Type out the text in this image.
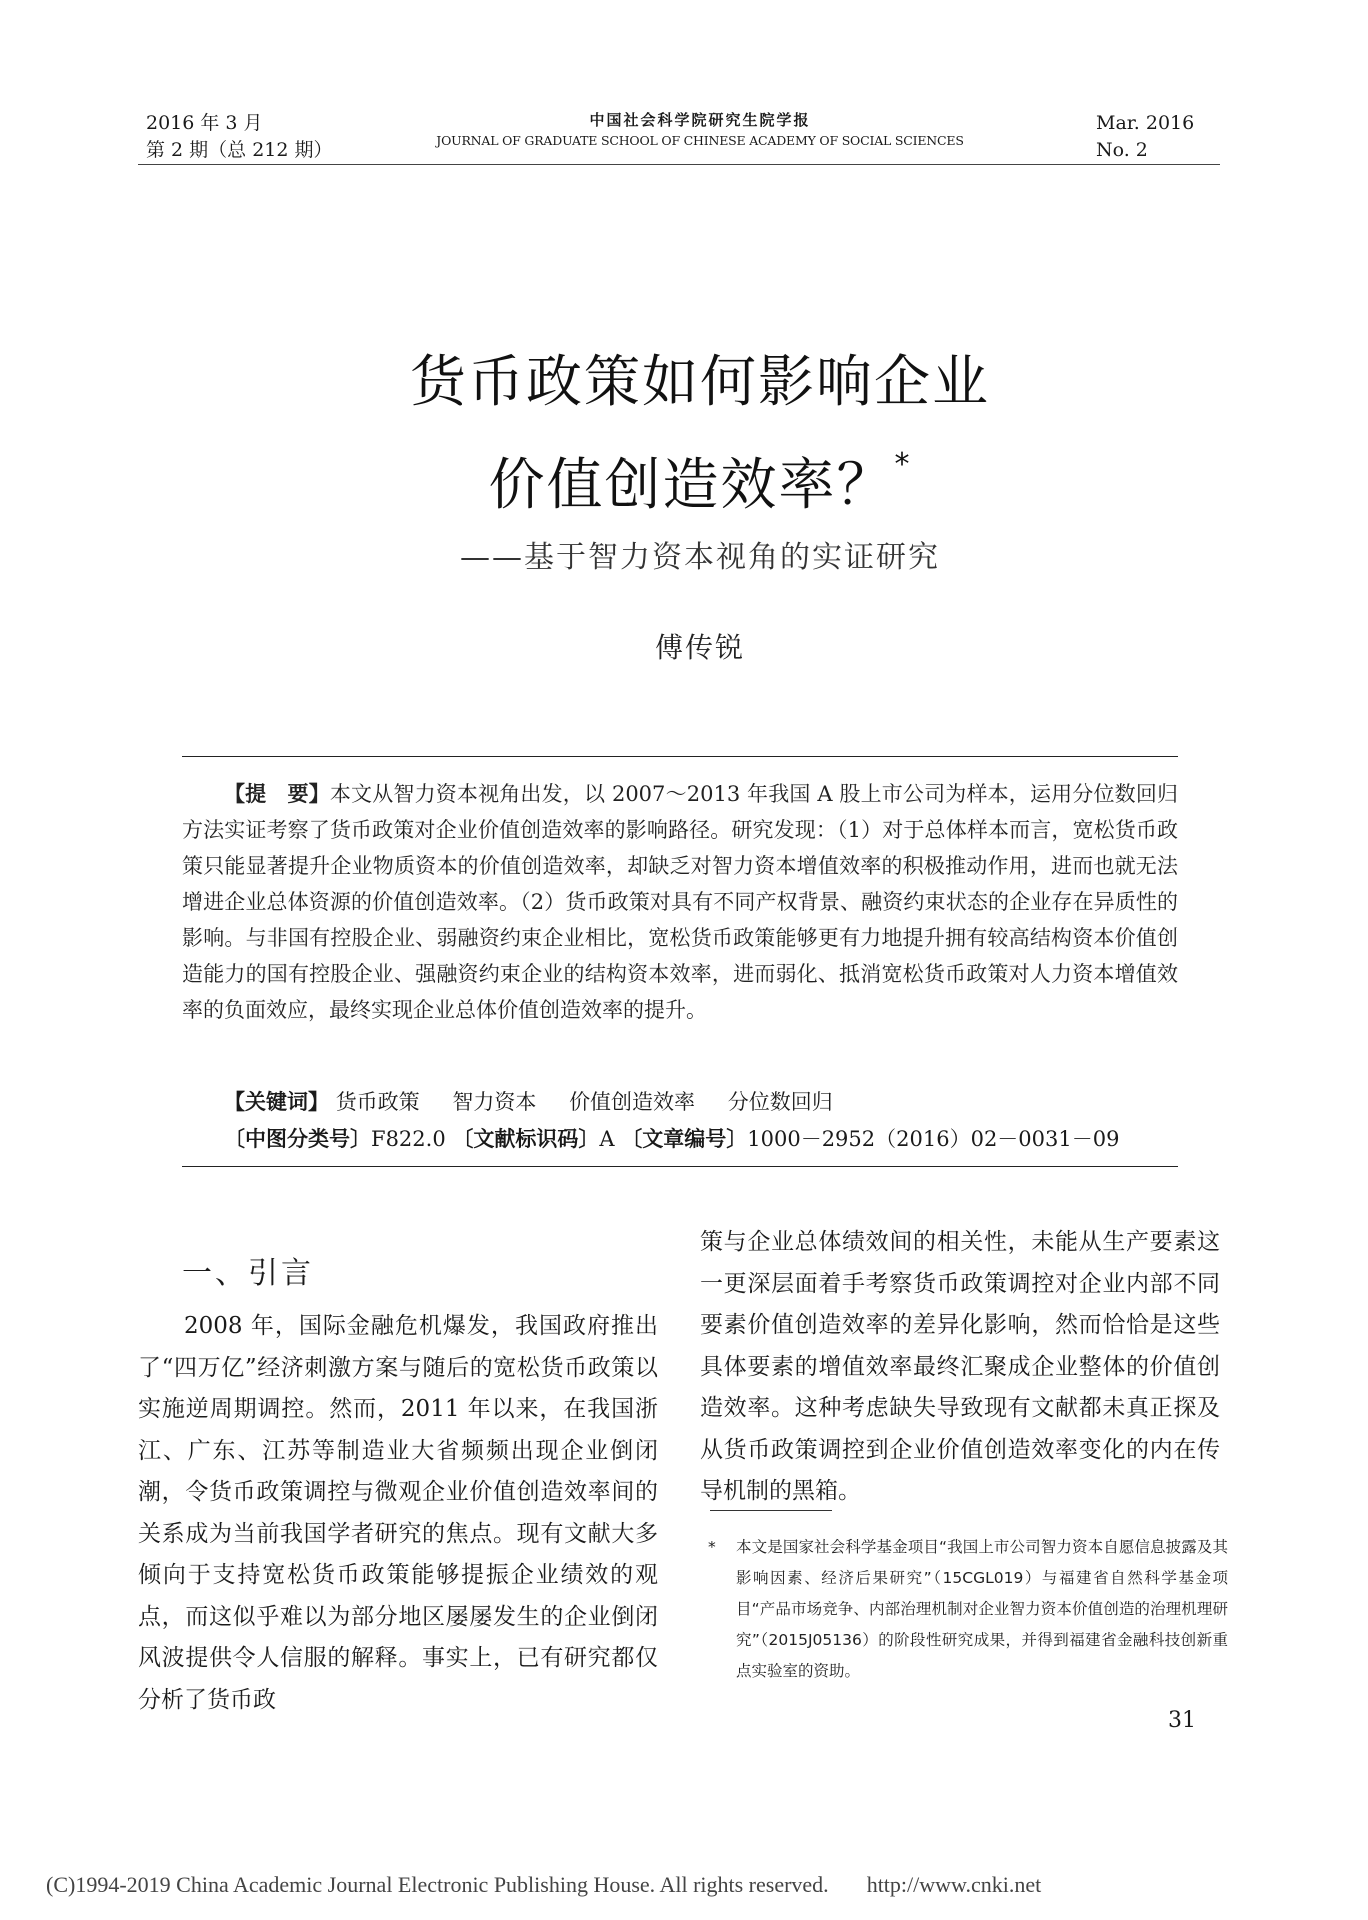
2016 年 3 月
第 2 期（总 212 期）
中国社会科学院研究生院学报
JOURNAL OF GRADUATE SCHOOL OF CHINESE ACADEMY OF SOCIAL SCIENCES
Mar. 2016
No. 2
货币政策如何影响企业
价值创造效率？*
——基于智力资本视角的实证研究
傅传锐

【提　要】本文从智力资本视角出发，以 2007～2013 年我国 A 股上市公司为样本，运用分位数回归方法实证考察了货币政策对企业价值创造效率的影响路径。研究发现：（1）对于总体样本而言，宽松货币政策只能显著提升企业物质资本的价值创造效率，却缺乏对智力资本增值效率的积极推动作用，进而也就无法增进企业总体资源的价值创造效率。（2）货币政策对具有不同产权背景、融资约束状态的企业存在异质性的影响。与非国有控股企业、弱融资约束企业相比，宽松货币政策能够更有力地提升拥有较高结构资本价值创造能力的国有控股企业、强融资约束企业的结构资本效率，进而弱化、抵消宽松货币政策对人力资本增值效率的负面效应，最终实现企业总体价值创造效率的提升。

【关键词】 货币政策 智力资本 价值创造效率 分位数回归
〔中图分类号〕F822.0 〔文献标识码〕A 〔文章编号〕1000－2952（2016）02－0031－09
一、引言

2008 年，国际金融危机爆发，我国政府推出了“四万亿”经济刺激方案与随后的宽松货币政策以实施逆周期调控。然而，2011 年以来，在我国浙江、广东、江苏等制造业大省频频出现企业倒闭潮，令货币政策调控与微观企业价值创造效率间的关系成为当前我国学者研究的焦点。现有文献大多倾向于支持宽松货币政策能够提振企业绩效的观点，而这似乎难以为部分地区屡屡发生的企业倒闭风波提供令人信服的解释。事实上，已有研究都仅分析了货币政

策与企业总体绩效间的相关性，未能从生产要素这一更深层面着手考察货币政策调控对企业内部不同要素价值创造效率的差异化影响，然而恰恰是这些具体要素的增值效率最终汇聚成企业整体的价值创造效率。这种考虑缺失导致现有文献都未真正探及从货币政策调控到企业价值创造效率变化的内在传导机制的黑箱。

* 本文是国家社会科学基金项目“我国上市公司智力资本自愿信息披露及其影响因素、经济后果研究”（15CGL019）与福建省自然科学基金项目“产品市场竞争、内部治理机制对企业智力资本价值创造的治理机理研究”（2015J05136）的阶段性研究成果，并得到福建省金融科技创新重点实验室的资助。
31
(C)1994-2019 China Academic Journal Electronic Publishing House. All rights reserved. http://www.cnki.net
